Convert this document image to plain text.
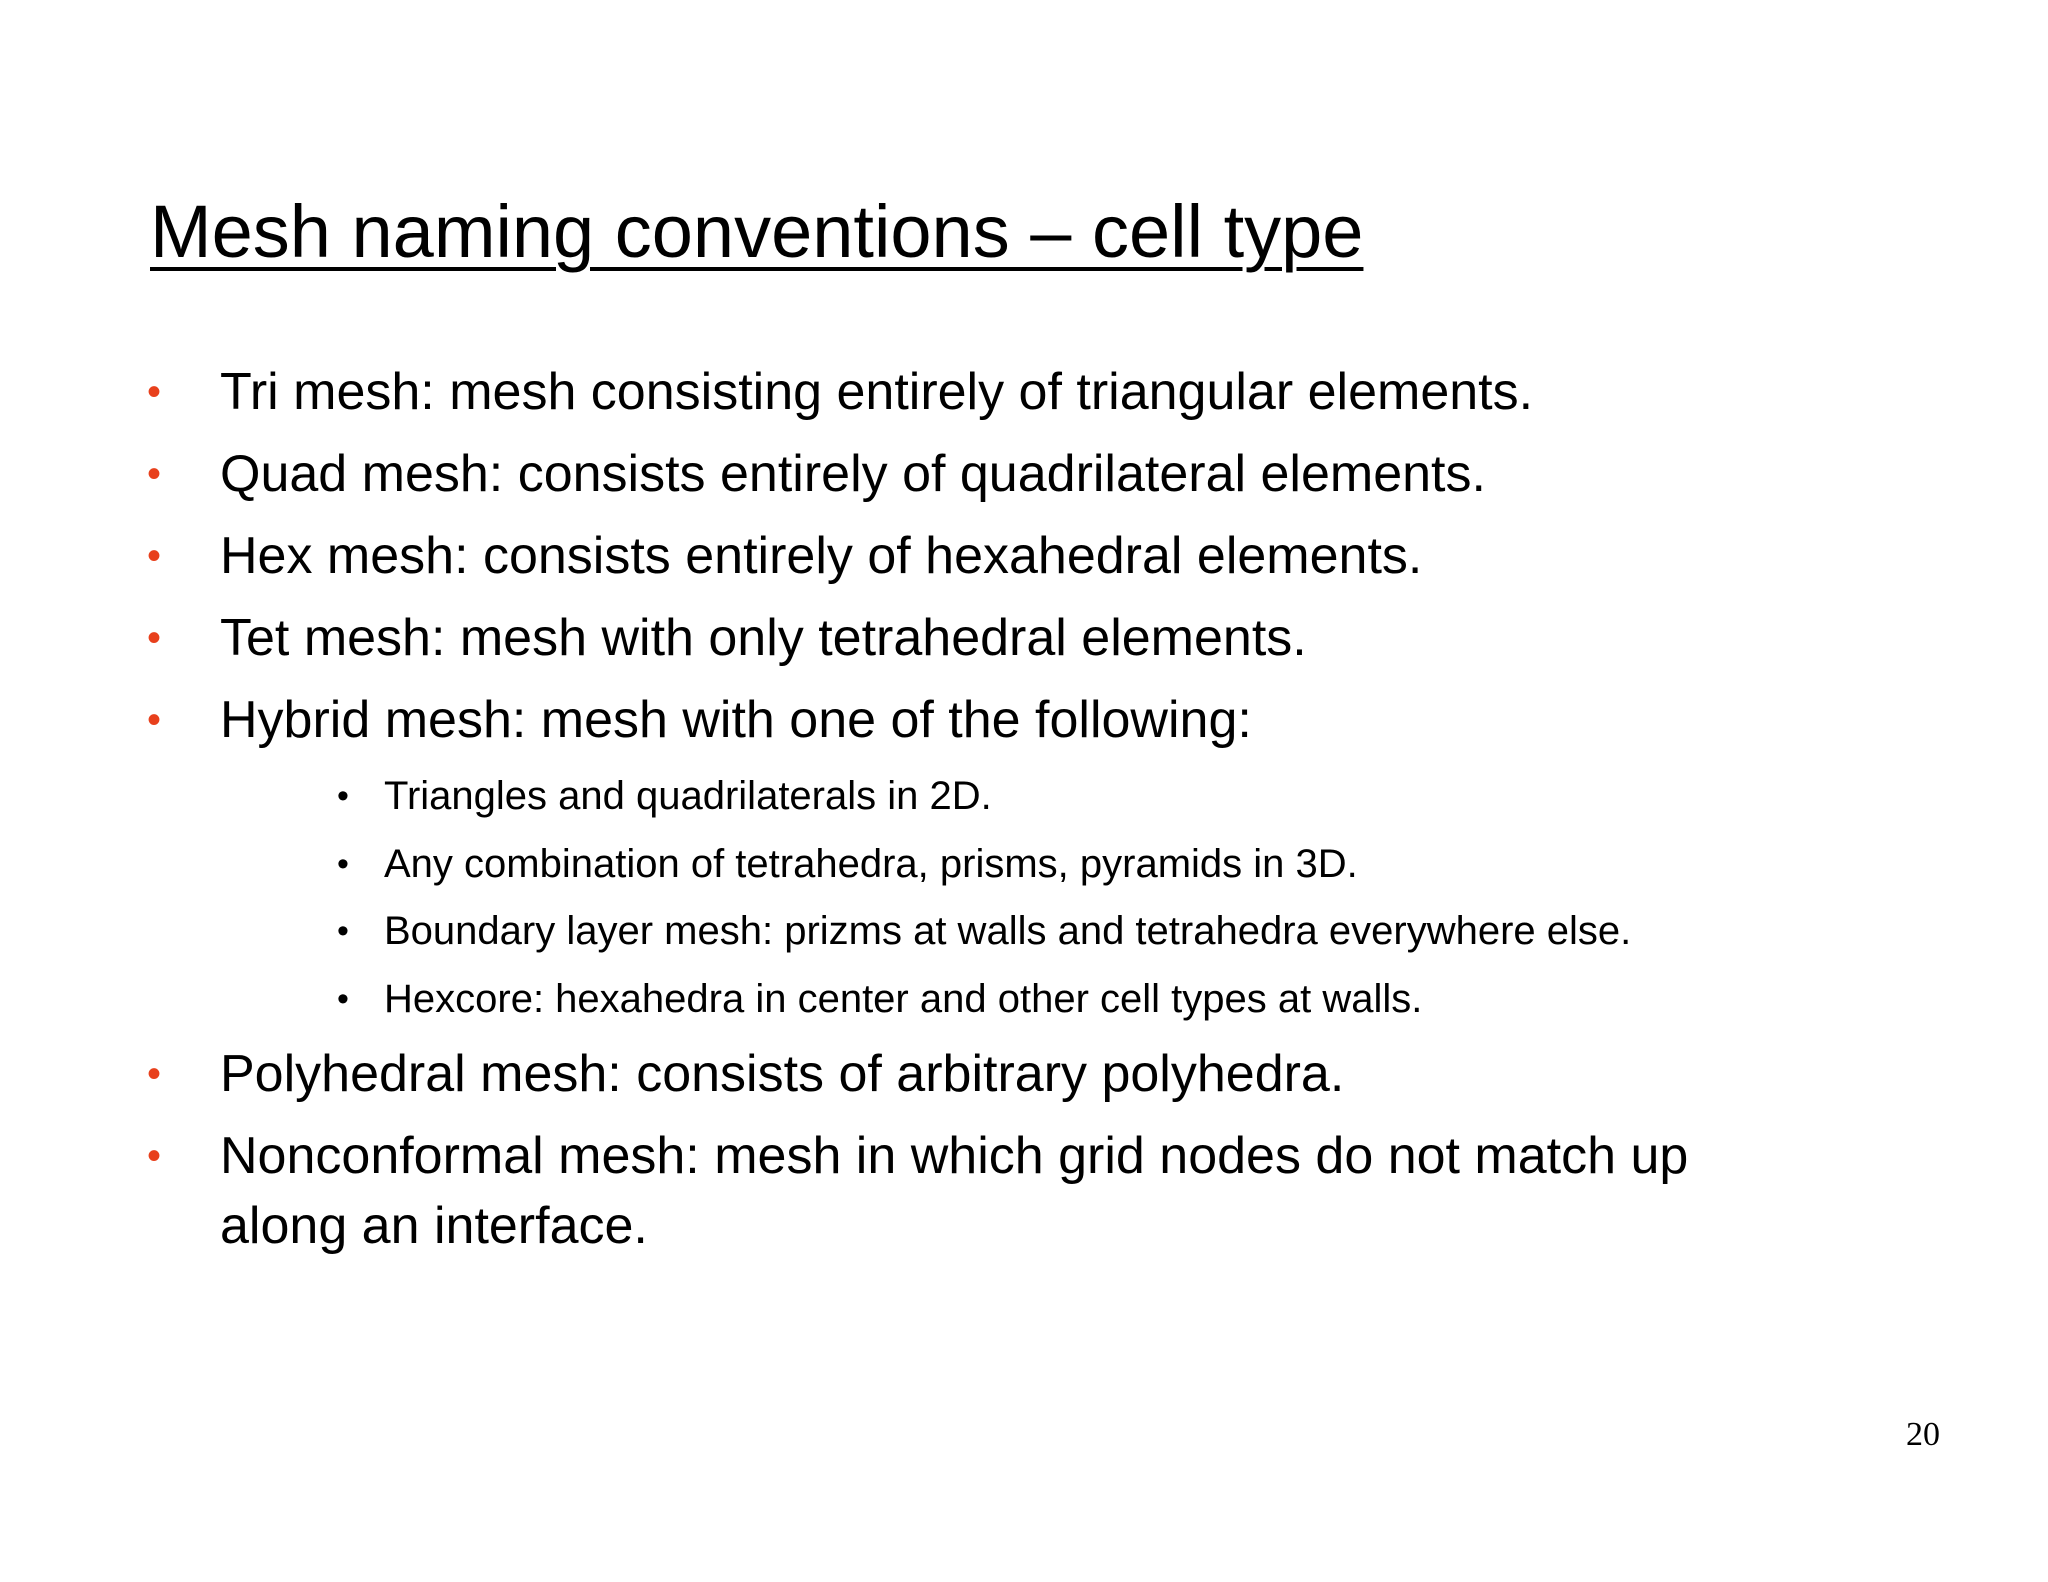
Mesh naming conventions – cell type
• Tri mesh: mesh consisting entirely of triangular elements.
• Quad mesh: consists entirely of quadrilateral elements.
• Hex mesh: consists entirely of hexahedral elements.
• Tet mesh: mesh with only tetrahedral elements.
• Hybrid mesh: mesh with one of the following:
• Triangles and quadrilaterals in 2D.
• Any combination of tetrahedra, prisms, pyramids in 3D.
• Boundary layer mesh: prizms at walls and tetrahedra everywhere else.
• Hexcore: hexahedra in center and other cell types at walls.
• Polyhedral mesh: consists of arbitrary polyhedra.
• Nonconformal mesh: mesh in which grid nodes do not match up
along an interface.
20
